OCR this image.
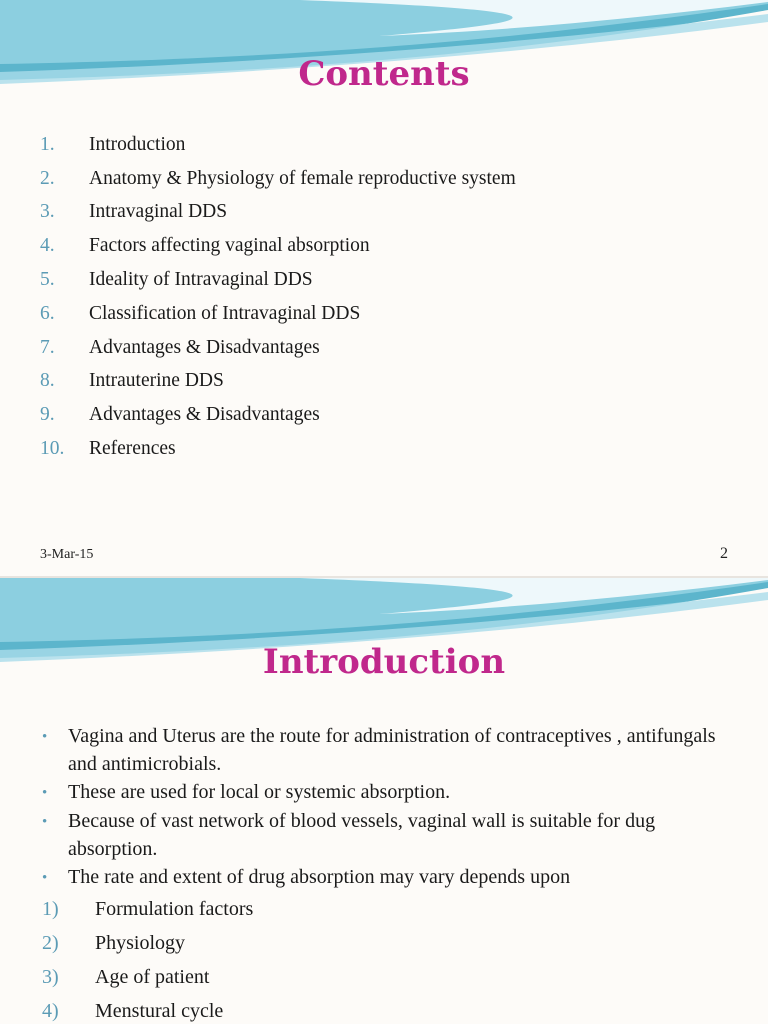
Contents
1.	Introduction
2.	Anatomy & Physiology of female reproductive system
3.	Intravaginal DDS
4.	Factors affecting vaginal absorption
5.	Ideality of Intravaginal DDS
6.	Classification of Intravaginal DDS
7.	Advantages & Disadvantages
8.	Intrauterine DDS
9.	Advantages & Disadvantages
10.	References
3-Mar-15	2
Introduction
•	Vagina and Uterus are the route for administration of contraceptives , antifungals and antimicrobials.
•	These are used for local or systemic absorption.
•	Because of vast network of blood vessels, vaginal wall is suitable for dug absorption.
•	The rate and extent of drug absorption may vary depends upon
1)	Formulation factors
2)	Physiology
3)	Age of patient
4)	Menstural cycle
